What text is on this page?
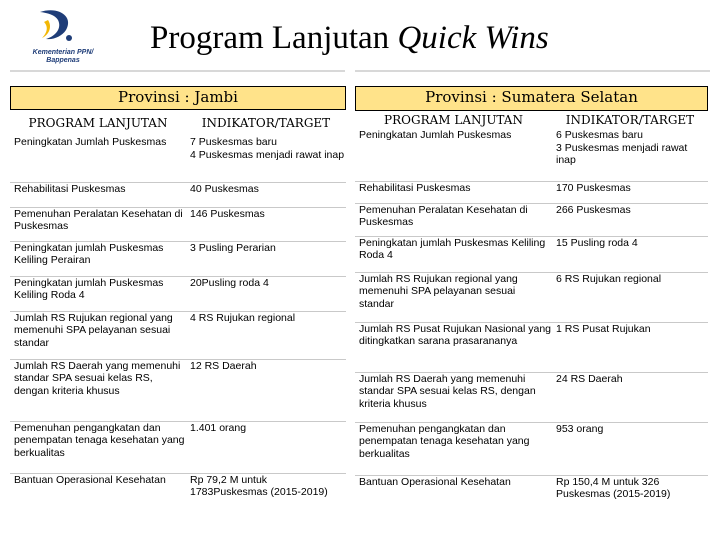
Kementerian PPN/
Bappenas
Program Lanjutan Quick Wins
Provinsi : Jambi
PROGRAM LANJUTAN	INDIKATOR/TARGET
Peningkatan Jumlah Puskesmas	7 Puskesmas baru
4 Puskesmas menjadi rawat inap
Rehabilitasi Puskesmas	40 Puskesmas
Pemenuhan Peralatan Kesehatan di Puskesmas	146 Puskesmas
Peningkatan jumlah Puskesmas Keliling Perairan	3 Pusling Perarian
Peningkatan jumlah Puskesmas Keliling Roda 4	20Pusling roda 4
Jumlah RS Rujukan regional yang memenuhi SPA pelayanan sesuai standar	4 RS Rujukan regional
Jumlah RS Daerah yang memenuhi standar SPA sesuai kelas RS, dengan kriteria khusus	12 RS Daerah
Pemenuhan pengangkatan dan penempatan tenaga kesehatan yang berkualitas	1.401 orang
Bantuan Operasional Kesehatan	Rp 79,2 M untuk 1783Puskesmas (2015-2019)
Provinsi : Sumatera Selatan
PROGRAM LANJUTAN	INDIKATOR/TARGET
Peningkatan Jumlah Puskesmas	6 Puskesmas baru
3 Puskesmas menjadi rawat inap
Rehabilitasi Puskesmas	170 Puskesmas
Pemenuhan Peralatan Kesehatan di Puskesmas	266 Puskesmas
Peningkatan jumlah Puskesmas Keliling Roda 4	15 Pusling roda 4
Jumlah RS Rujukan regional yang memenuhi SPA pelayanan sesuai standar	6 RS Rujukan regional
Jumlah RS Pusat Rujukan Nasional yang ditingkatkan sarana prasarananya	1 RS Pusat Rujukan
Jumlah RS Daerah yang memenuhi standar SPA sesuai kelas RS, dengan kriteria khusus	24 RS Daerah
Pemenuhan pengangkatan dan penempatan tenaga kesehatan yang berkualitas	953 orang
Bantuan Operasional Kesehatan	Rp 150,4 M untuk 326 Puskesmas (2015-2019)
